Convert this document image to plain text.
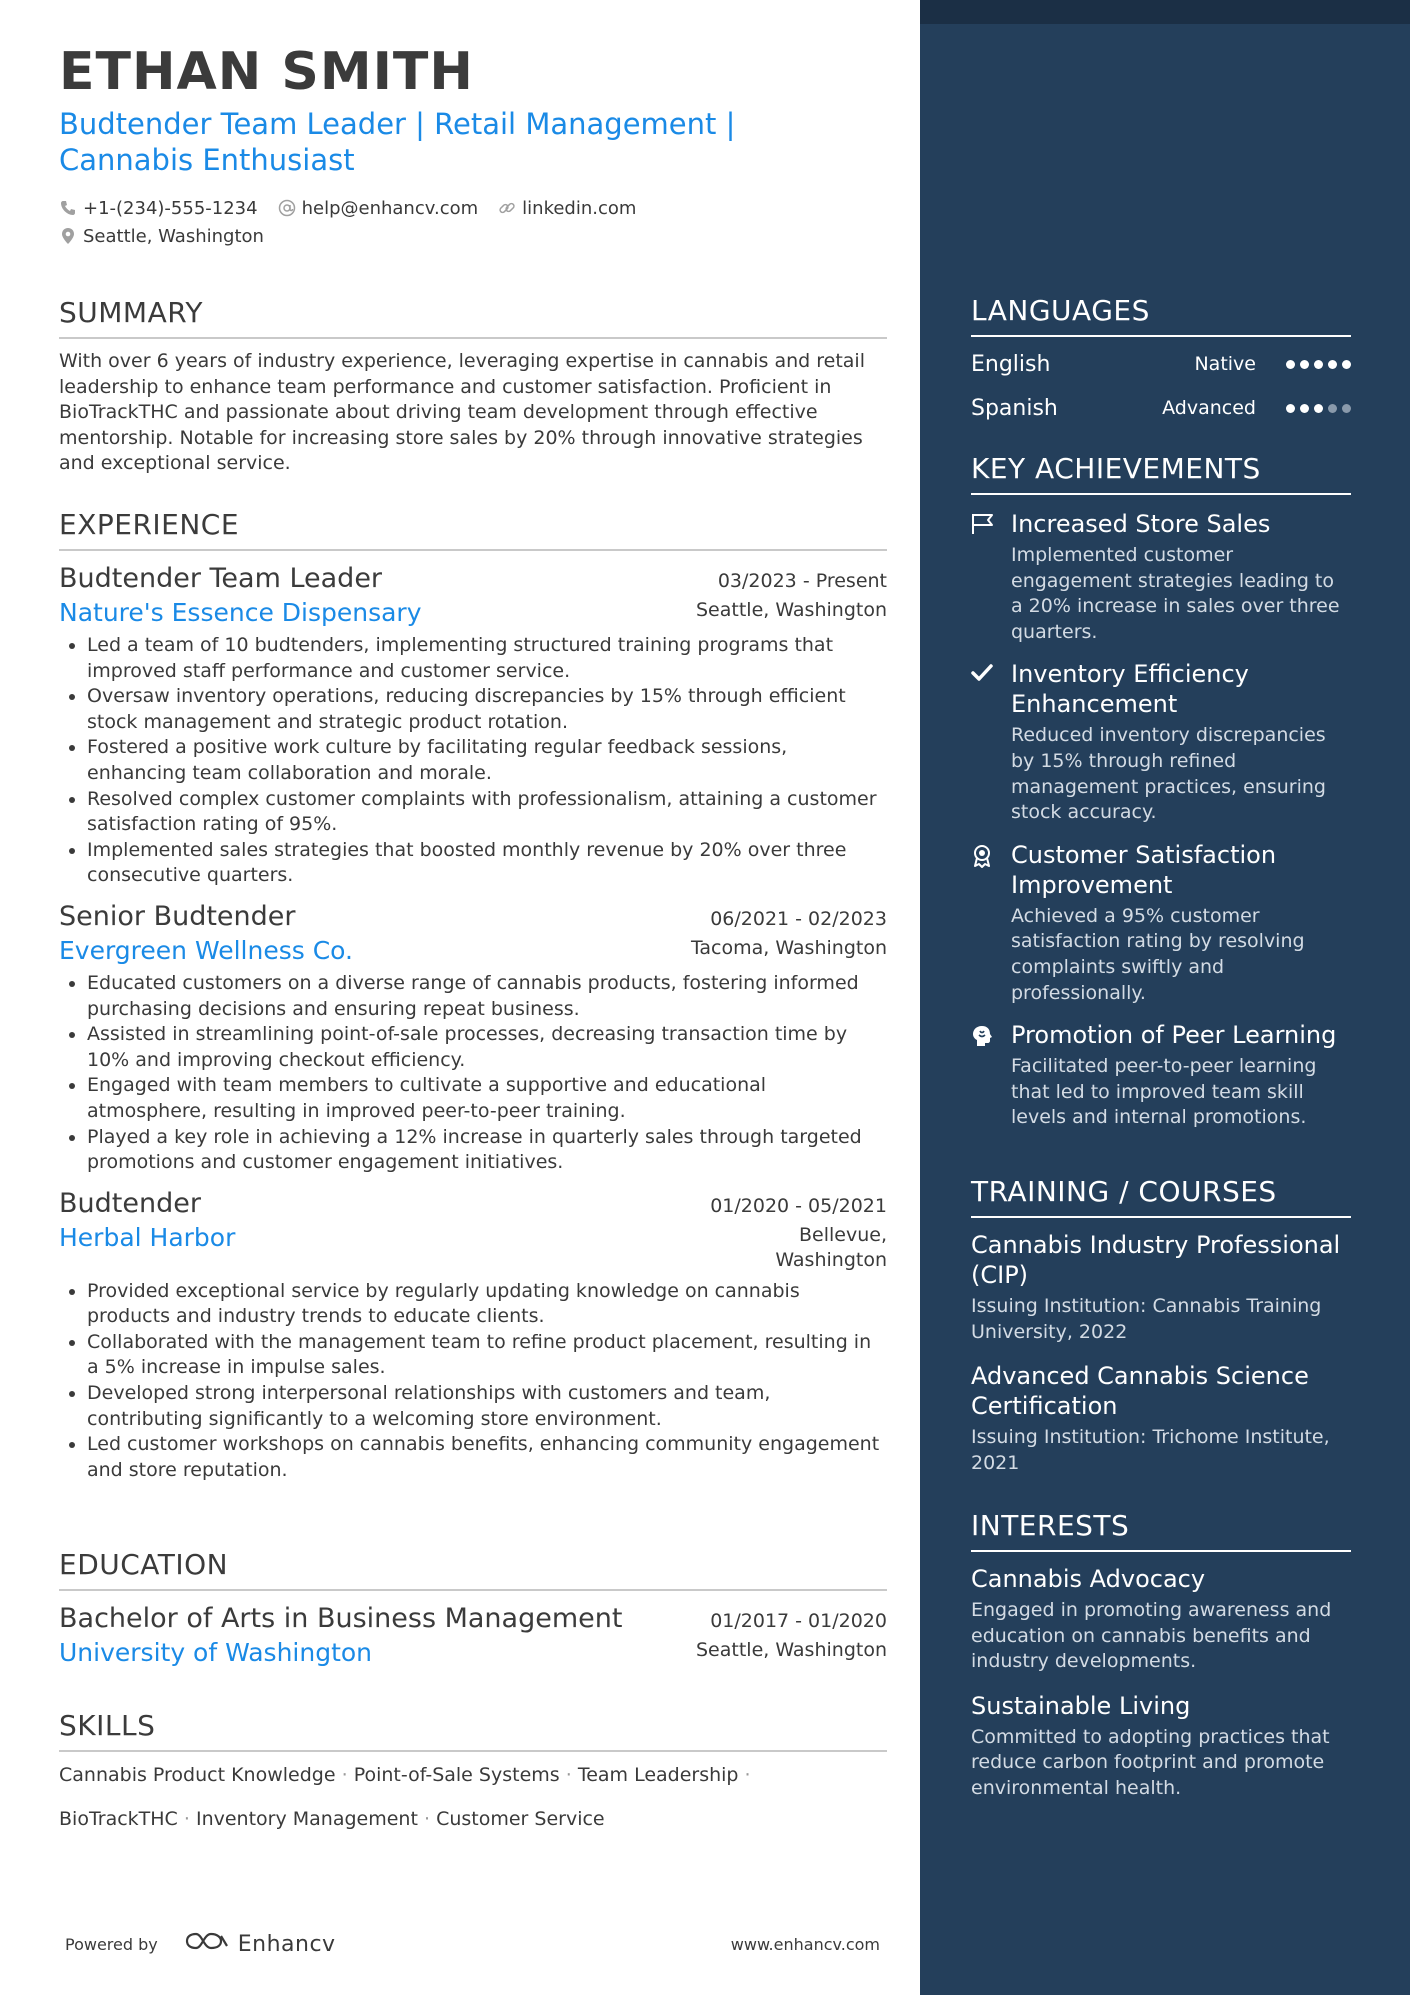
ETHAN SMITH
Budtender Team Leader | Retail Management | Cannabis Enthusiast
+1-(234)-555-1234 help@enhancv.com linkedin.com
Seattle, Washington
SUMMARY

With over 6 years of industry experience, leveraging expertise in cannabis and retail leadership to enhance team performance and customer satisfaction. Proficient in BioTrackTHC and passionate about driving team development through effective mentorship. Notable for increasing store sales by 20% through innovative strategies and exceptional service.

EXPERIENCE
Budtender Team Leader	03/2023 - Present
Nature's Essence Dispensary	Seattle, Washington
• Led a team of 10 budtenders, implementing structured training programs that improved staff performance and customer service.
• Oversaw inventory operations, reducing discrepancies by 15% through efficient stock management and strategic product rotation.
• Fostered a positive work culture by facilitating regular feedback sessions, enhancing team collaboration and morale.
• Resolved complex customer complaints with professionalism, attaining a customer satisfaction rating of 95%.
• Implemented sales strategies that boosted monthly revenue by 20% over three consecutive quarters.
Senior Budtender	06/2021 - 02/2023
Evergreen Wellness Co.	Tacoma, Washington
• Educated customers on a diverse range of cannabis products, fostering informed purchasing decisions and ensuring repeat business.
• Assisted in streamlining point-of-sale processes, decreasing transaction time by 10% and improving checkout efficiency.
• Engaged with team members to cultivate a supportive and educational atmosphere, resulting in improved peer-to-peer training.
• Played a key role in achieving a 12% increase in quarterly sales through targeted promotions and customer engagement initiatives.
Budtender	01/2020 - 05/2021
Herbal Harbor	Bellevue,
Washington
• Provided exceptional service by regularly updating knowledge on cannabis products and industry trends to educate clients.
• Collaborated with the management team to refine product placement, resulting in a 5% increase in impulse sales.
• Developed strong interpersonal relationships with customers and team, contributing significantly to a welcoming store environment.
• Led customer workshops on cannabis benefits, enhancing community engagement and store reputation.
EDUCATION
Bachelor of Arts in Business Management	01/2017 - 01/2020
University of Washington	Seattle, Washington
SKILLS
Cannabis Product Knowledge · Point-of-Sale Systems · Team Leadership ·
BioTrackTHC · Inventory Management · Customer Service
Powered by	Enhancv	www.enhancv.com
LANGUAGES
English	Native
Spanish	Advanced
KEY ACHIEVEMENTS
Increased Store Sales
Implemented customer engagement strategies leading to a 20% increase in sales over three quarters.
Inventory Efficiency Enhancement
Reduced inventory discrepancies by 15% through refined management practices, ensuring stock accuracy.
Customer Satisfaction Improvement
Achieved a 95% customer satisfaction rating by resolving complaints swiftly and professionally.
Promotion of Peer Learning
Facilitated peer-to-peer learning that led to improved team skill levels and internal promotions.
TRAINING / COURSES
Cannabis Industry Professional (CIP)
Issuing Institution: Cannabis Training University, 2022
Advanced Cannabis Science Certification
Issuing Institution: Trichome Institute, 2021
INTERESTS
Cannabis Advocacy
Engaged in promoting awareness and education on cannabis benefits and industry developments.
Sustainable Living
Committed to adopting practices that reduce carbon footprint and promote environmental health.
